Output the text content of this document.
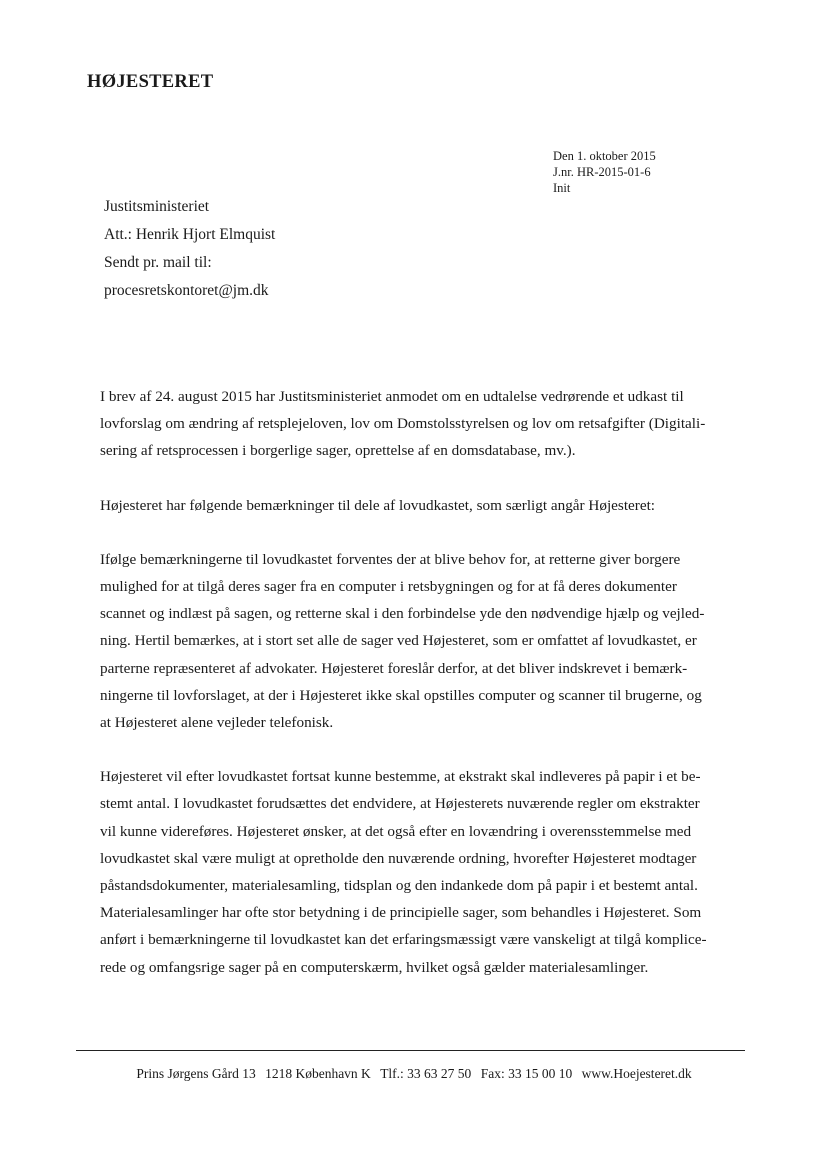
HØJESTERET
Den 1. oktober 2015
J.nr. HR-2015-01-6
Init
Justitsministeriet
Att.: Henrik Hjort Elmquist
Sendt pr. mail til:
procesretskontoret@jm.dk

I brev af 24. august 2015 har Justitsministeriet anmodet om en udtalelse vedrørende et udkast til
lovforslag om ændring af retsplejeloven, lov om Domstolsstyrelsen og lov om retsafgifter (Digitali-
sering af retsprocessen i borgerlige sager, oprettelse af en domsdatabase, mv.).

Højesteret har følgende bemærkninger til dele af lovudkastet, som særligt angår Højesteret:

Ifølge bemærkningerne til lovudkastet forventes der at blive behov for, at retterne giver borgere
mulighed for at tilgå deres sager fra en computer i retsbygningen og for at få deres dokumenter
scannet og indlæst på sagen, og retterne skal i den forbindelse yde den nødvendige hjælp og vejled-
ning. Hertil bemærkes, at i stort set alle de sager ved Højesteret, som er omfattet af lovudkastet, er
parterne repræsenteret af advokater. Højesteret foreslår derfor, at det bliver indskrevet i bemærk-
ningerne til lovforslaget, at der i Højesteret ikke skal opstilles computer og scanner til brugerne, og
at Højesteret alene vejleder telefonisk.

Højesteret vil efter lovudkastet fortsat kunne bestemme, at ekstrakt skal indleveres på papir i et be-
stemt antal. I lovudkastet forudsættes det endvidere, at Højesterets nuværende regler om ekstrakter
vil kunne videreføres. Højesteret ønsker, at det også efter en lovændring i overensstemmelse med
lovudkastet skal være muligt at opretholde den nuværende ordning, hvorefter Højesteret modtager
påstandsdokumenter, materialesamling, tidsplan og den indankede dom på papir i et bestemt antal.
Materialesamlinger har ofte stor betydning i de principielle sager, som behandles i Højesteret. Som
anført i bemærkningerne til lovudkastet kan det erfaringsmæssigt være vanskeligt at tilgå komplice-
rede og omfangsrige sager på en computerskærm, hvilket også gælder materialesamlinger.

Prins Jørgens Gård 13 1218 København K Tlf.: 33 63 27 50 Fax: 33 15 00 10 www.Hoejesteret.dk
